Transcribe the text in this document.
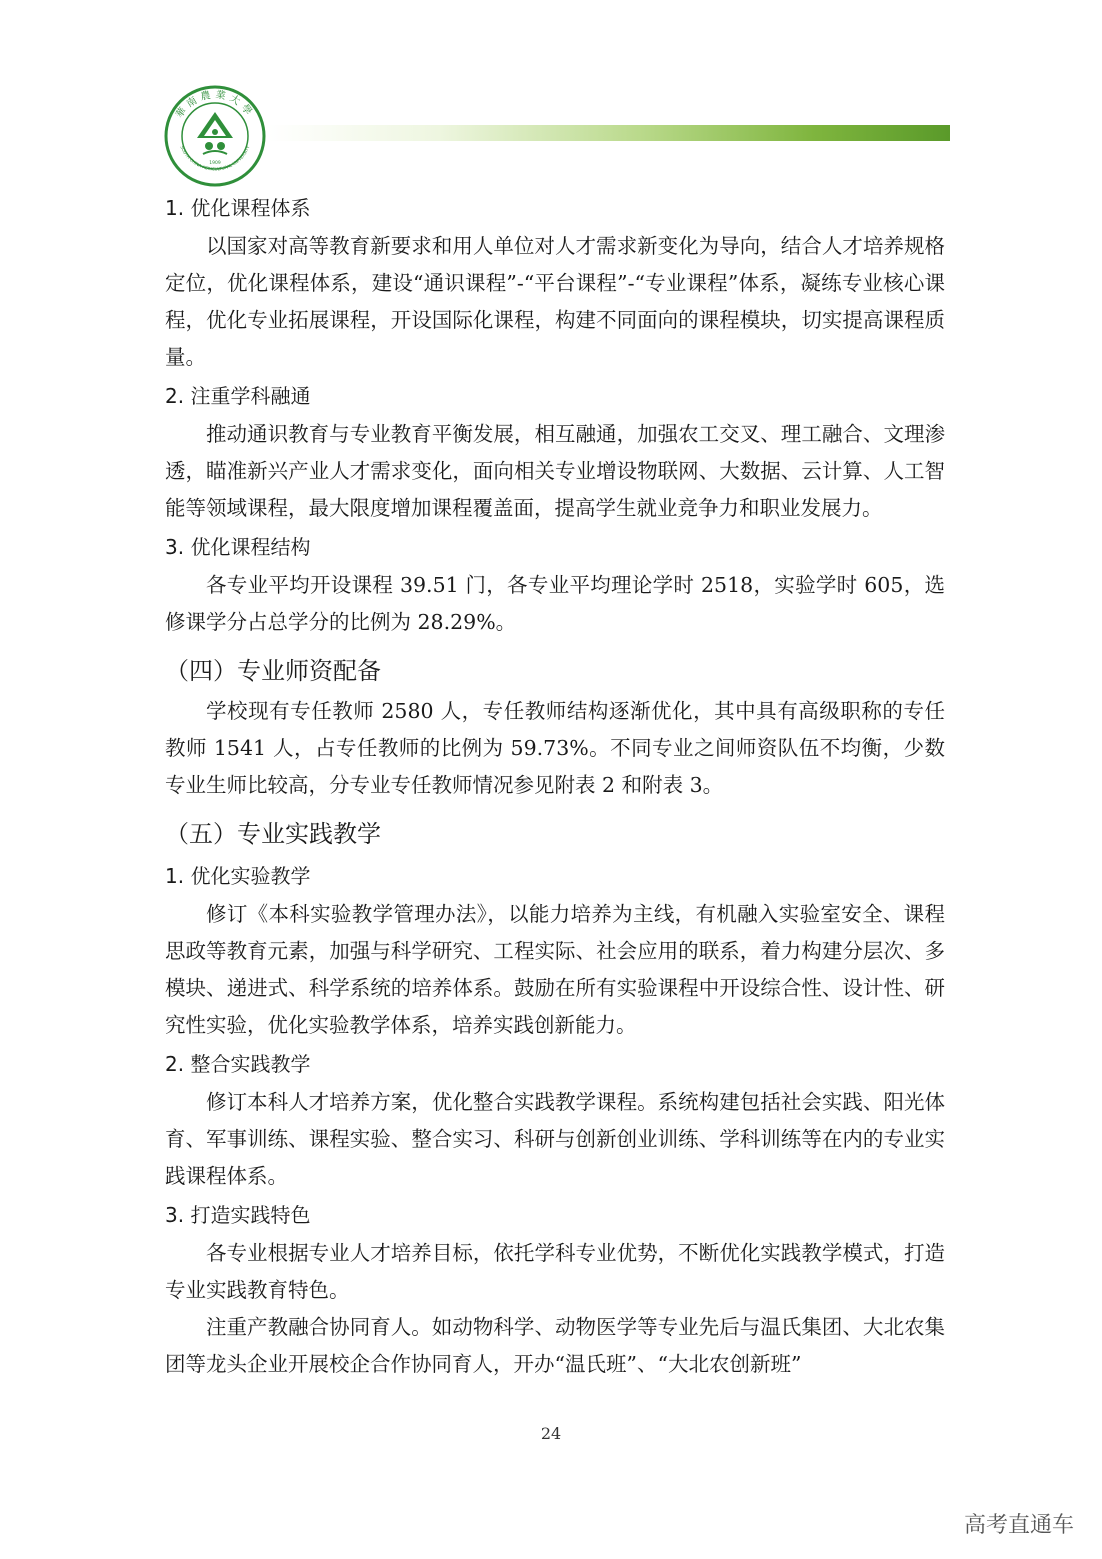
華南農業大學
SOUTH CHINA AGRICULTURAL UNIVERSITY
1909
1. 优化课程体系

以国家对高等教育新要求和用人单位对人才需求新变化为导向，结合人才培养规格定位，优化课程体系，建设“通识课程”-“平台课程”-“专业课程”体系，凝练专业核心课程，优化专业拓展课程，开设国际化课程，构建不同面向的课程模块，切实提高课程质量。

2. 注重学科融通

推动通识教育与专业教育平衡发展，相互融通，加强农工交叉、理工融合、文理渗透，瞄准新兴产业人才需求变化，面向相关专业增设物联网、大数据、云计算、人工智能等领域课程，最大限度增加课程覆盖面，提高学生就业竞争力和职业发展力。

3. 优化课程结构

各专业平均开设课程 39.51 门，各专业平均理论学时 2518，实验学时 605，选修课学分占总学分的比例为 28.29%。

（四）专业师资配备

学校现有专任教师 2580 人，专任教师结构逐渐优化，其中具有高级职称的专任教师 1541 人，占专任教师的比例为 59.73%。不同专业之间师资队伍不均衡，少数专业生师比较高，分专业专任教师情况参见附表 2 和附表 3。

（五）专业实践教学
1. 优化实验教学

修订《本科实验教学管理办法》，以能力培养为主线，有机融入实验室安全、课程思政等教育元素，加强与科学研究、工程实际、社会应用的联系，着力构建分层次、多模块、递进式、科学系统的培养体系。鼓励在所有实验课程中开设综合性、设计性、研究性实验，优化实验教学体系，培养实践创新能力。

2. 整合实践教学

修订本科人才培养方案，优化整合实践教学课程。系统构建包括社会实践、阳光体育、军事训练、课程实验、整合实习、科研与创新创业训练、学科训练等在内的专业实践课程体系。

3. 打造实践特色

各专业根据专业人才培养目标，依托学科专业优势，不断优化实践教学模式，打造专业实践教育特色。

注重产教融合协同育人。如动物科学、动物医学等专业先后与温氏集团、大北农集团等龙头企业开展校企合作协同育人，开办“温氏班”、“大北农创新班”

24
高考直通车
